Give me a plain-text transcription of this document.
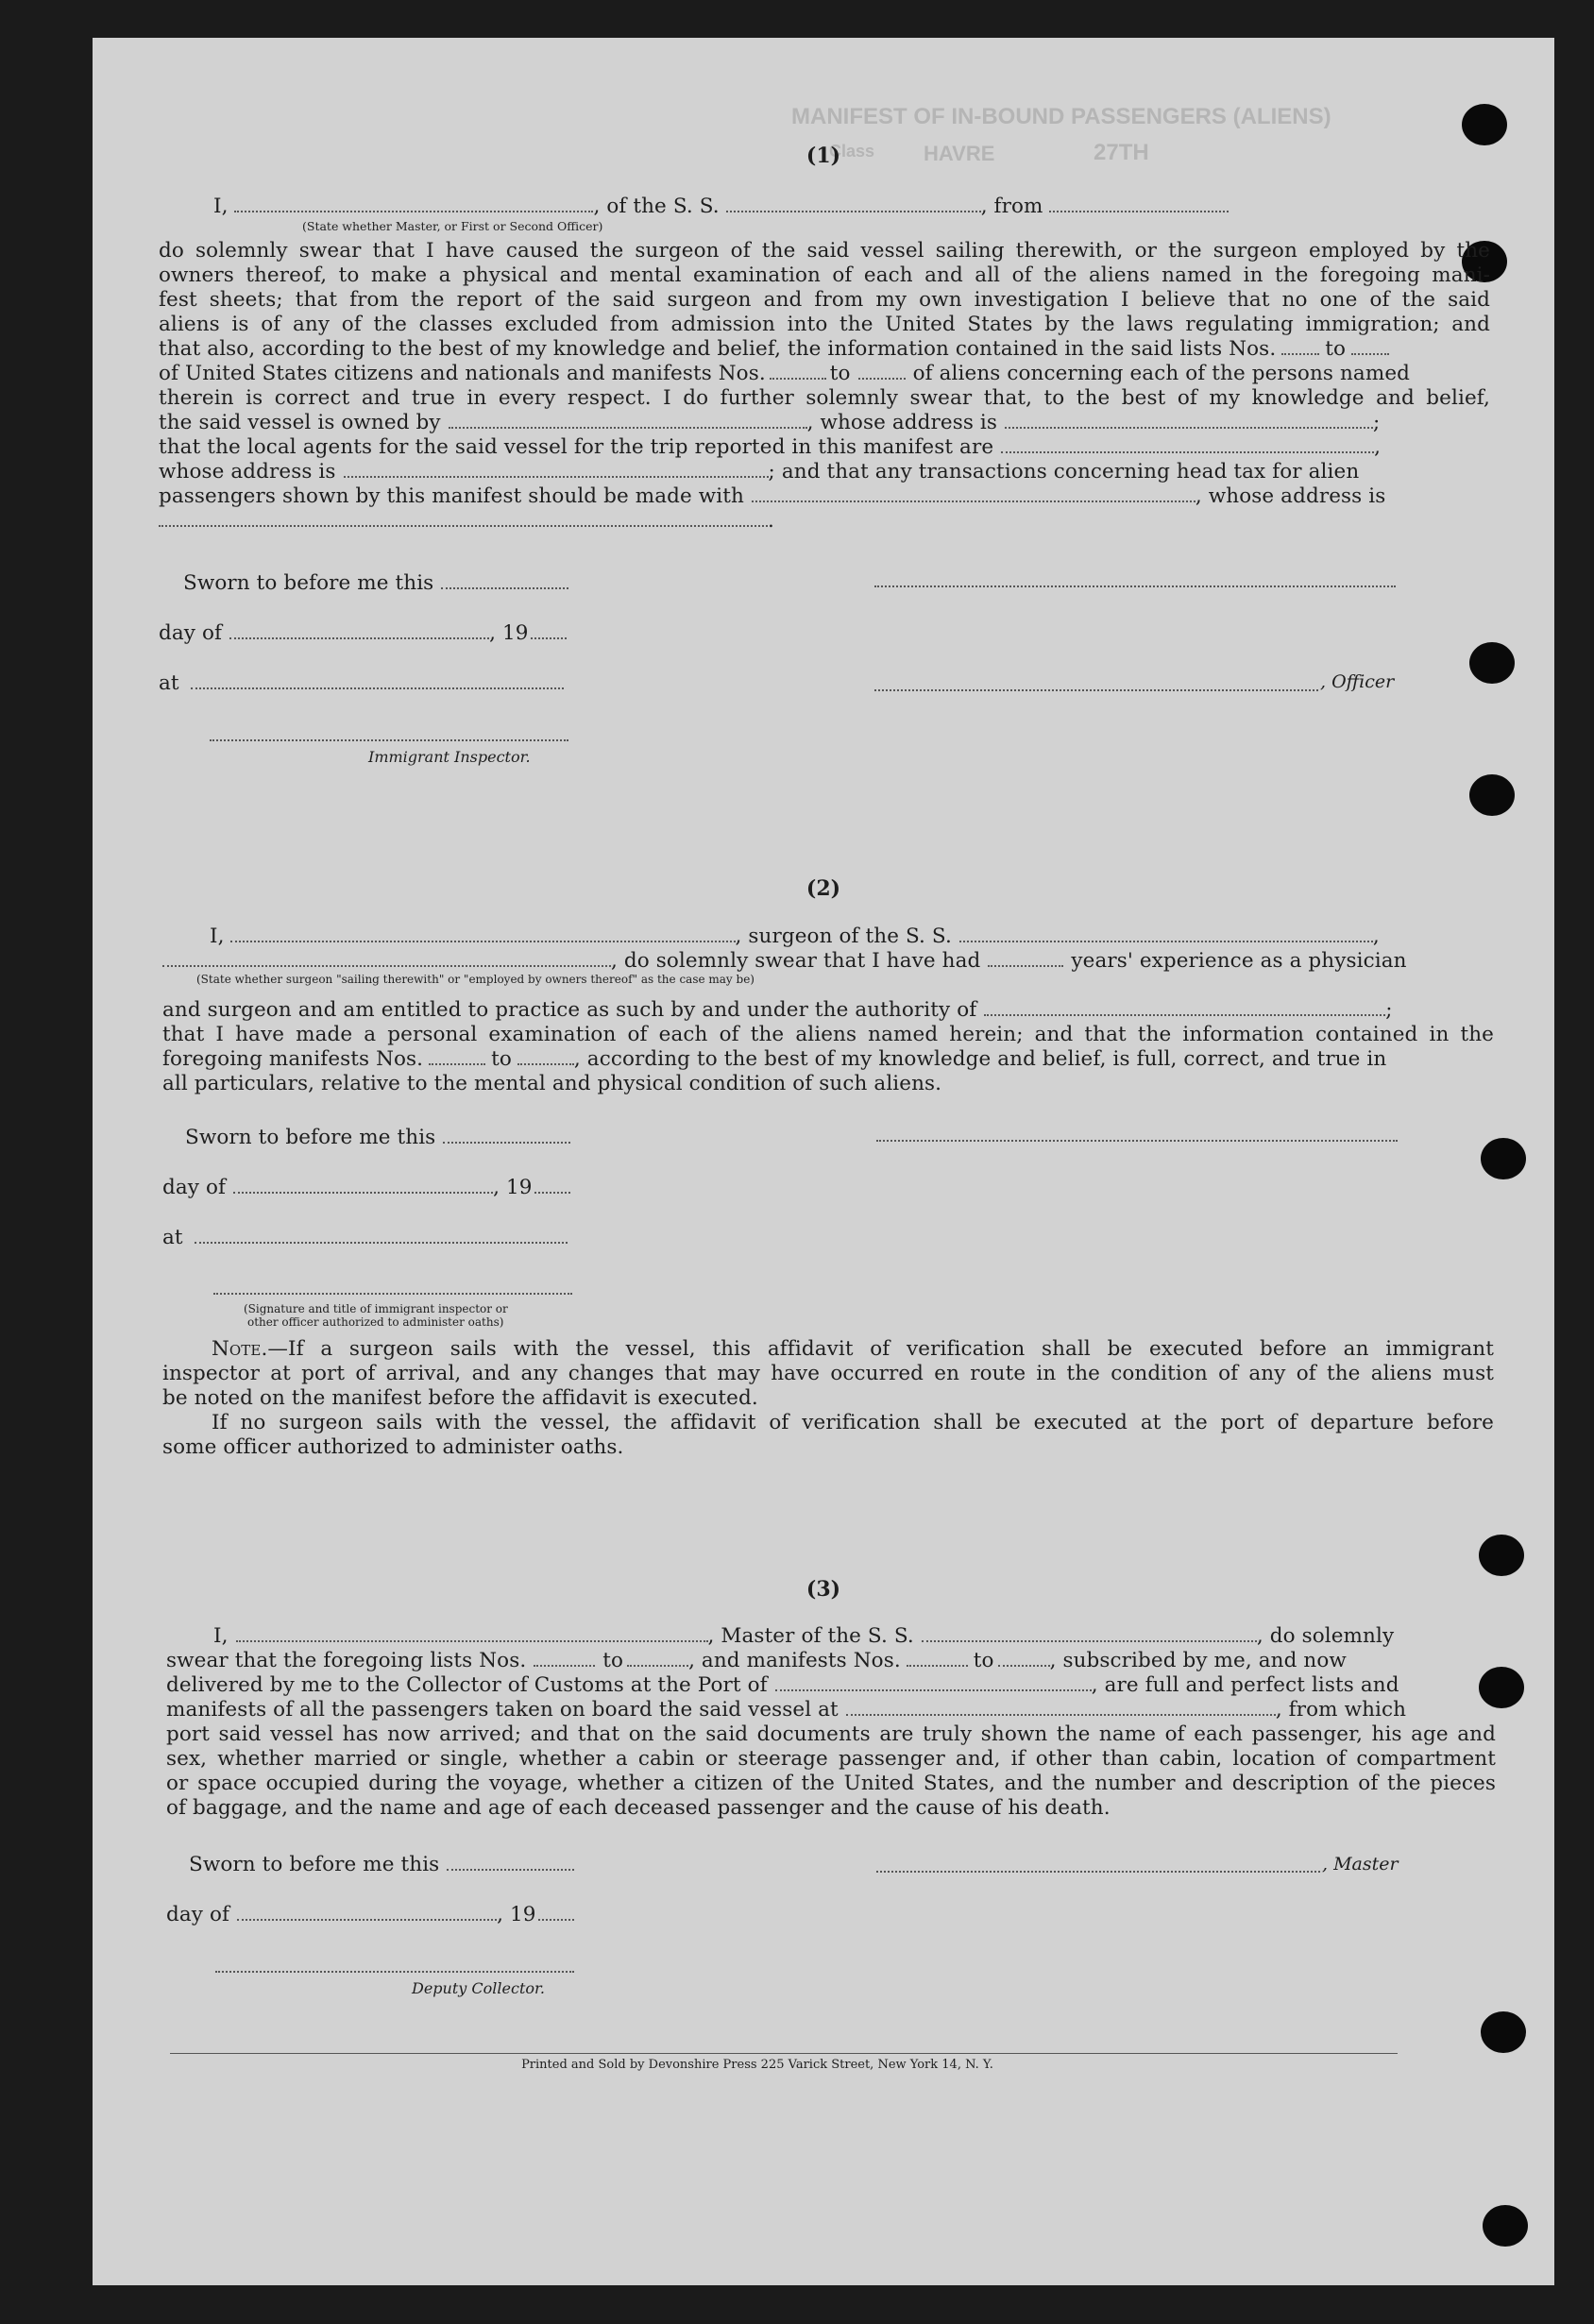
MANIFEST OF IN-BOUND PASSENGERS (ALIENS)
Class	27TH
HAVRE
(1)
I,	, of the S. S.	, from
(State whether Master, or First or Second Officer)
do solemnly swear that I have caused the surgeon of the said vessel sailing therewith, or the surgeon employed by the
owners thereof, to make a physical and mental examination of each and all of the aliens named in the foregoing mani-
fest sheets; that from the report of the said surgeon and from my own investigation I believe that no one of the said
aliens is of any of the classes excluded from admission into the United States by the laws regulating immigration; and
that also, according to the best of my knowledge and belief, the information contained in the said lists Nos. to
of United States citizens and nationals and manifests Nos.	to	of aliens concerning each of the persons named
therein is correct and true in every respect. I do further solemnly swear that, to the best of my knowledge and belief,
the said vessel is owned by	, whose address is	;
that the local agents for the said vessel for the trip reported in this manifest are	,
whose address is	; and that any transactions concerning head tax for alien
passengers shown by this manifest should be made with	, whose address is
.
Sworn to before me this
day of	, 19
at	, Officer
Immigrant Inspector.
(2)
I,	, surgeon of the S. S.	,
, do solemnly swear that I have had	years' experience as a physician
(State whether surgeon "sailing therewith" or "employed by owners thereof" as the case may be)
and surgeon and am entitled to practice as such by and under the authority of	;
that I have made a personal examination of each of the aliens named herein; and that the information contained in the
foregoing manifests Nos.	to	, according to the best of my knowledge and belief, is full, correct, and true in
all particulars, relative to the mental and physical condition of such aliens.
Sworn to before me this
day of	, 19
at
(Signature and title of immigrant inspector or
other officer authorized to administer oaths)
Note.—If a surgeon sails with the vessel, this affidavit of verification shall be executed before an immigrant
inspector at port of arrival, and any changes that may have occurred en route in the condition of any of the aliens must
be noted on the manifest before the affidavit is executed.
If no surgeon sails with the vessel, the affidavit of verification shall be executed at the port of departure before
some officer authorized to administer oaths.
(3)
I,	, Master of the S. S.	, do solemnly
swear that the foregoing lists Nos.	to	, and manifests Nos.	to	, subscribed by me, and now
delivered by me to the Collector of Customs at the Port of	, are full and perfect lists and
manifests of all the passengers taken on board the said vessel at	, from which
port said vessel has now arrived; and that on the said documents are truly shown the name of each passenger, his age and
sex, whether married or single, whether a cabin or steerage passenger and, if other than cabin, location of compartment
or space occupied during the voyage, whether a citizen of the United States, and the number and description of the pieces
of baggage, and the name and age of each deceased passenger and the cause of his death.
Sworn to before me this	, Master
day of	, 19
Deputy Collector.
Printed and Sold by Devonshire Press 225 Varick Street, New York 14, N. Y.
